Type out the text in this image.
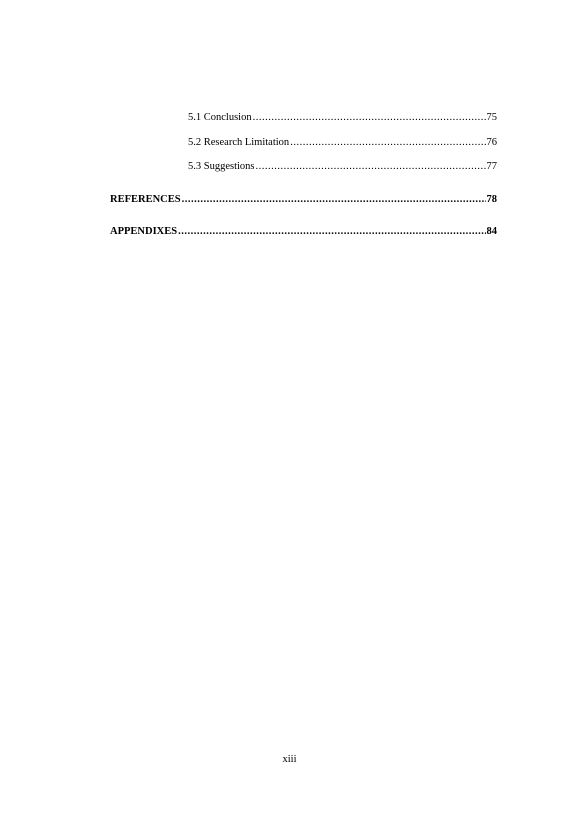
5.1 Conclusion .....	75
5.2 Research Limitation .....	76
5.3 Suggestions .....	77
REFERENCES .....	78
APPENDIXES .....	84
xiii
